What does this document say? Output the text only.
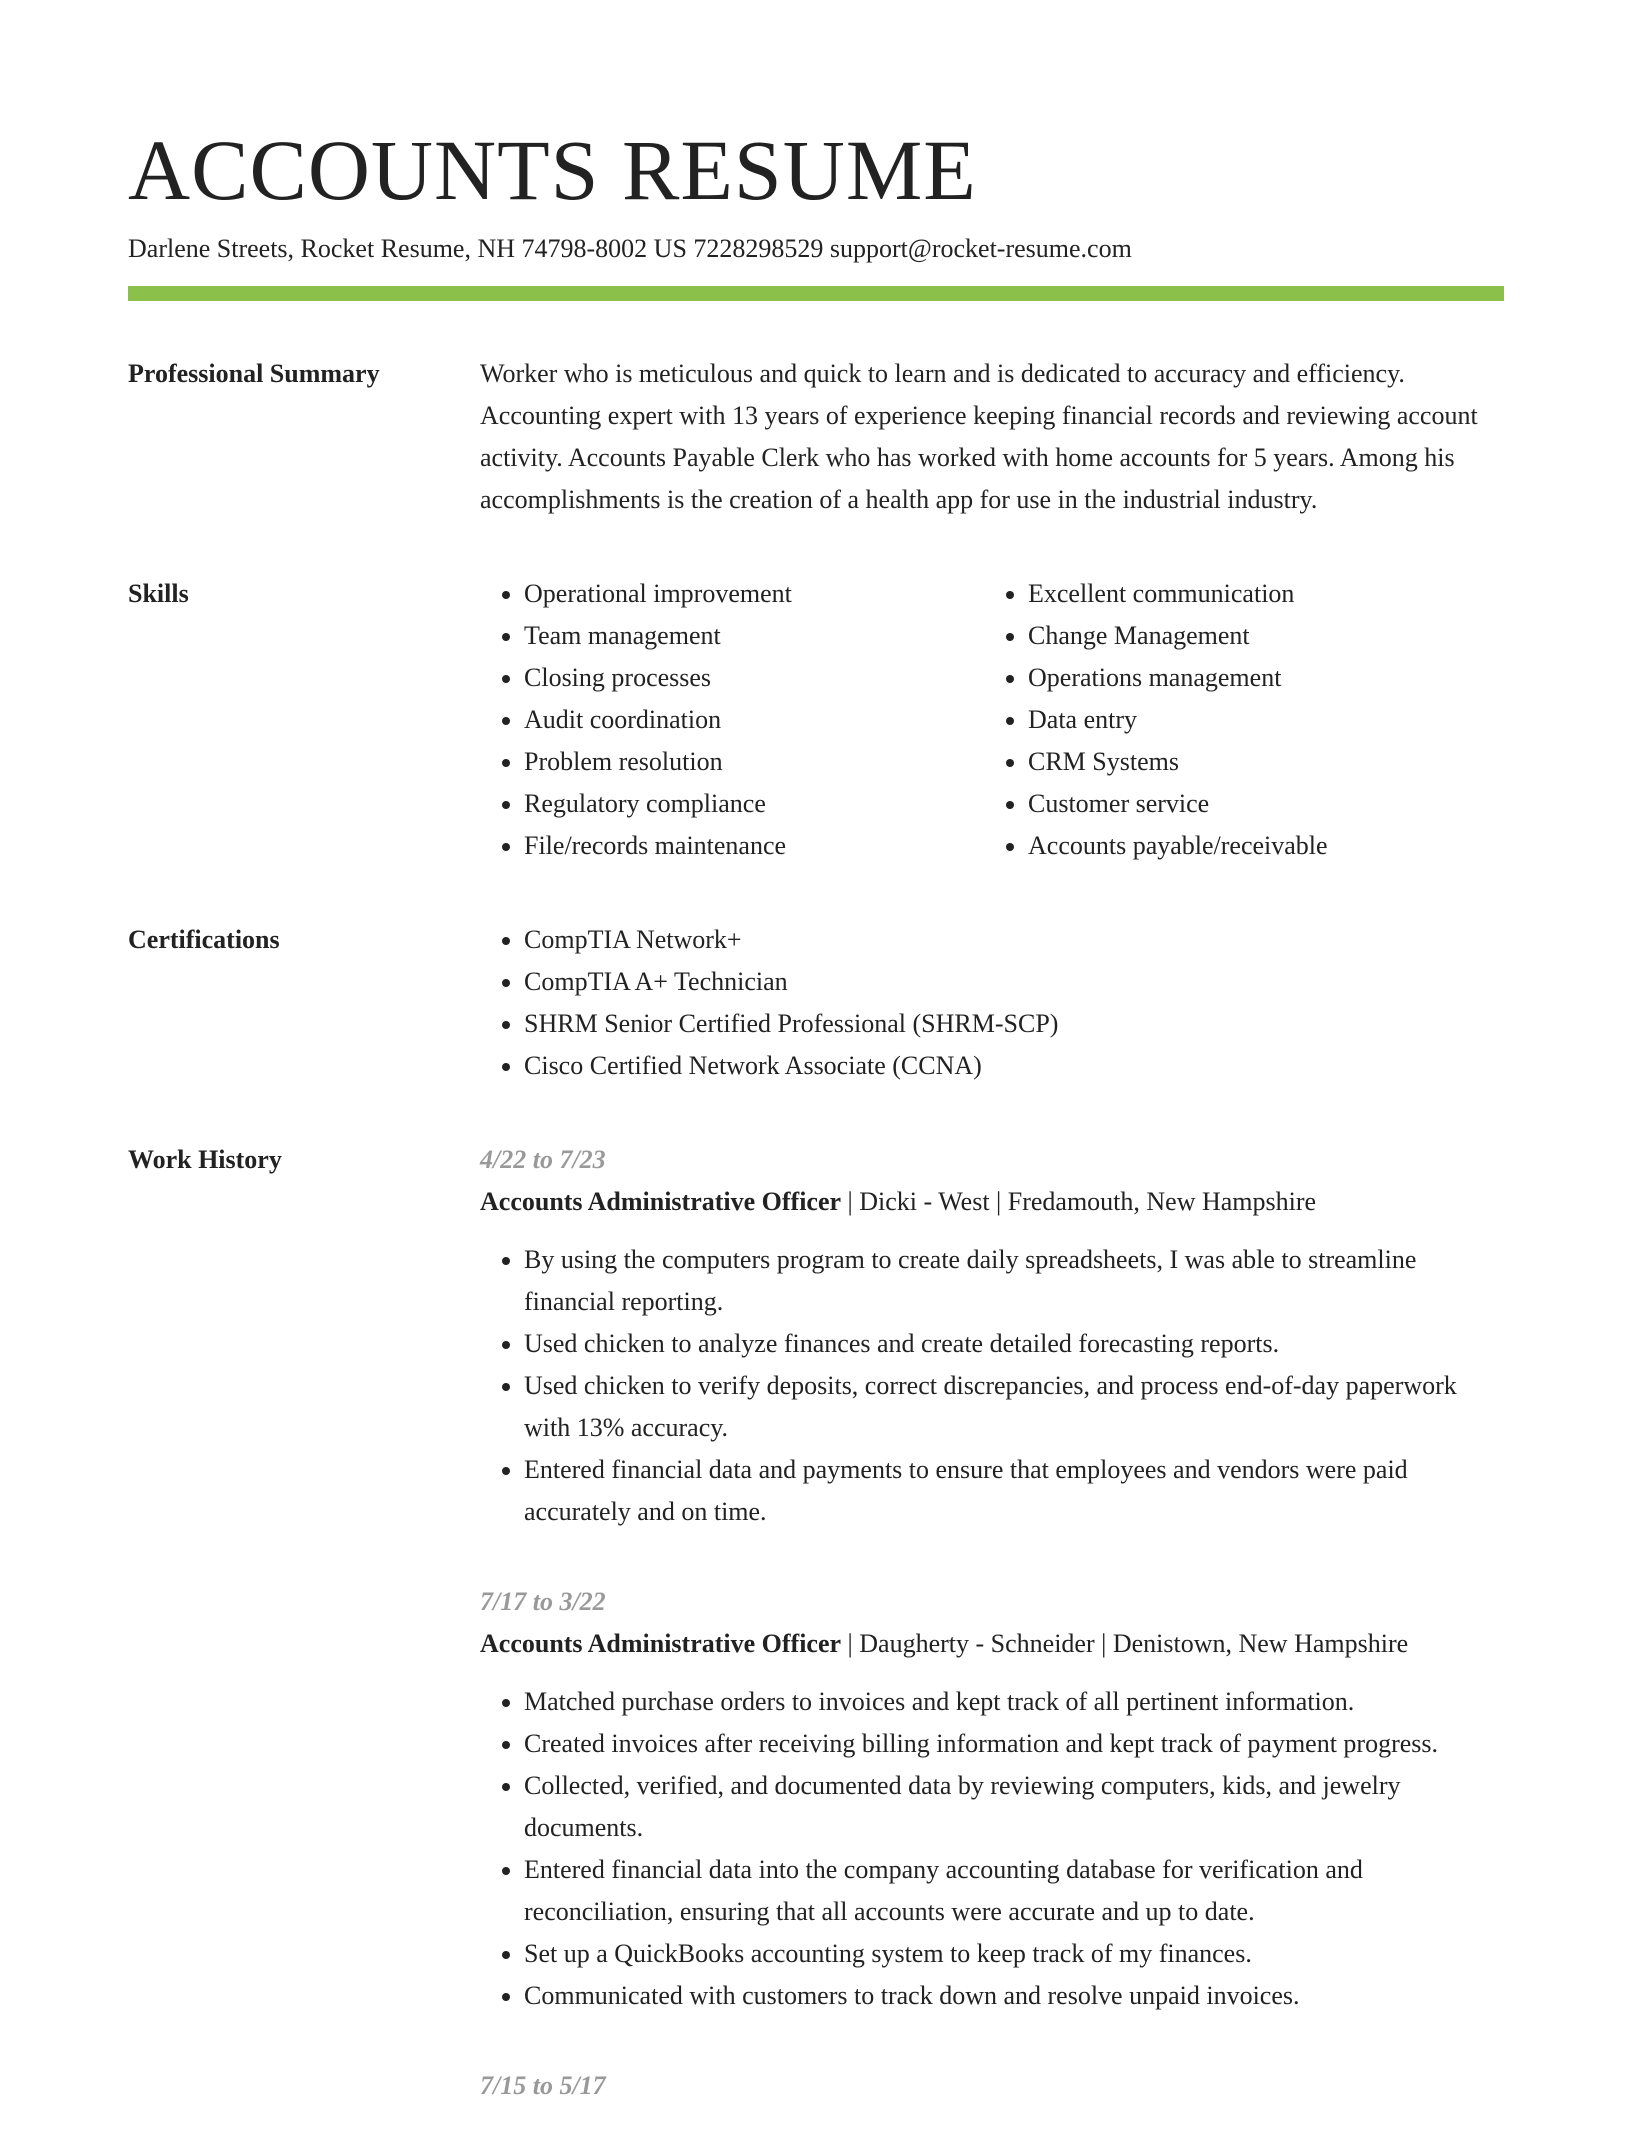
ACCOUNTS RESUME
Darlene Streets, Rocket Resume, NH 74798-8002 US 7228298529 support@rocket-resume.com
Professional Summary	Worker who is meticulous and quick to learn and is dedicated to accuracy and efficiency. Accounting expert with 13 years of experience keeping financial records and reviewing account activity. Accounts Payable Clerk who has worked with home accounts for 5 years. Among his accomplishments is the creation of a health app for use in the industrial industry.

Skills	• Operational improvement
• Team management
• Closing processes
• Audit coordination
• Problem resolution
• Regulatory compliance
• File/records maintenance
• Excellent communication
• Change Management
• Operations management
• Data entry
• CRM Systems
• Customer service
• Accounts payable/receivable
Certifications	• CompTIA Network+
• CompTIA A+ Technician
• SHRM Senior Certified Professional (SHRM-SCP)
• Cisco Certified Network Associate (CCNA)
Work History	4/22 to 7/23
Accounts Administrative Officer | Dicki - West | Fredamouth, New Hampshire
• By using the computers program to create daily spreadsheets, I was able to streamline financial reporting.
• Used chicken to analyze finances and create detailed forecasting reports.
• Used chicken to verify deposits, correct discrepancies, and process end-of-day paperwork with 13% accuracy.
• Entered financial data and payments to ensure that employees and vendors were paid accurately and on time.
7/17 to 3/22
Accounts Administrative Officer | Daugherty - Schneider | Denistown, New Hampshire
• Matched purchase orders to invoices and kept track of all pertinent information.
• Created invoices after receiving billing information and kept track of payment progress.
• Collected, verified, and documented data by reviewing computers, kids, and jewelry documents.
• Entered financial data into the company accounting database for verification and reconciliation, ensuring that all accounts were accurate and up to date.
• Set up a QuickBooks accounting system to keep track of my finances.
• Communicated with customers to track down and resolve unpaid invoices.
7/15 to 5/17
